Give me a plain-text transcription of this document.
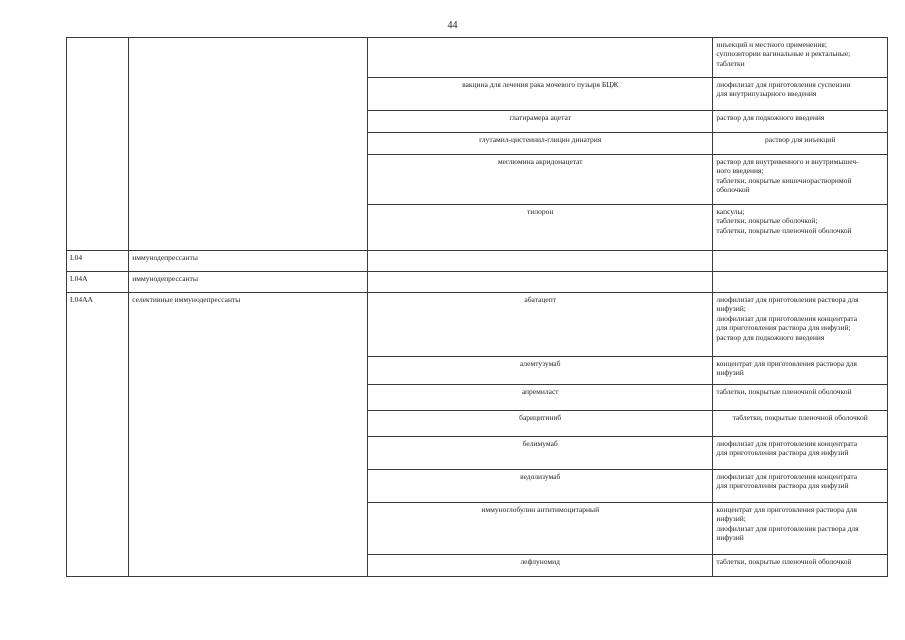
44

			инъекций и местного применения;
суппозитории вагинальные и ректальные;
таблетки

		вакцина для лечения рака мочевого пузыря БЦЖ	лиофилизат для приготовления суспензии
для внутрипузырного введения

		глатирамера ацетат	раствор для подкожного введения

		глутамил-цистеинил-глицин динатрия	раствор для инъекций

		меглюмина акридонацетат	раствор для внутривенного и внутримышеч-
ного введения;
таблетки, покрытые кишечнорастворимой
оболочкой

		тилорон	капсулы;
таблетки, покрытые оболочкой;
таблетки, покрытые пленочной оболочкой

L04	иммунодепрессанты		
L04A	иммунодепрессанты		
L04AA	селективные иммунодепрессанты	абатацепт	лиофилизат для приготовления раствора для
инфузий;
лиофилизат для приготовления концентрата
для приготовления раствора для инфузий;
раствор для подкожного введения

		алемтузумаб	концентрат для приготовления раствора для
инфузий

		апремиласт	таблетки, покрытые пленочной оболочкой

		барицитиниб	таблетки, покрытые пленочной оболочкой

		белимумаб	лиофилизат для приготовления концентрата
для приготовления раствора для инфузий

		ведолизумаб	лиофилизат для приготовления концентрата
для приготовления раствора для инфузий

		иммуноглобулин антитимоцитарный	концентрат для приготовления раствора для
инфузий;
лиофилизат для приготовления раствора для
инфузий

		лефлуномид	таблетки, покрытые пленочной оболочкой
